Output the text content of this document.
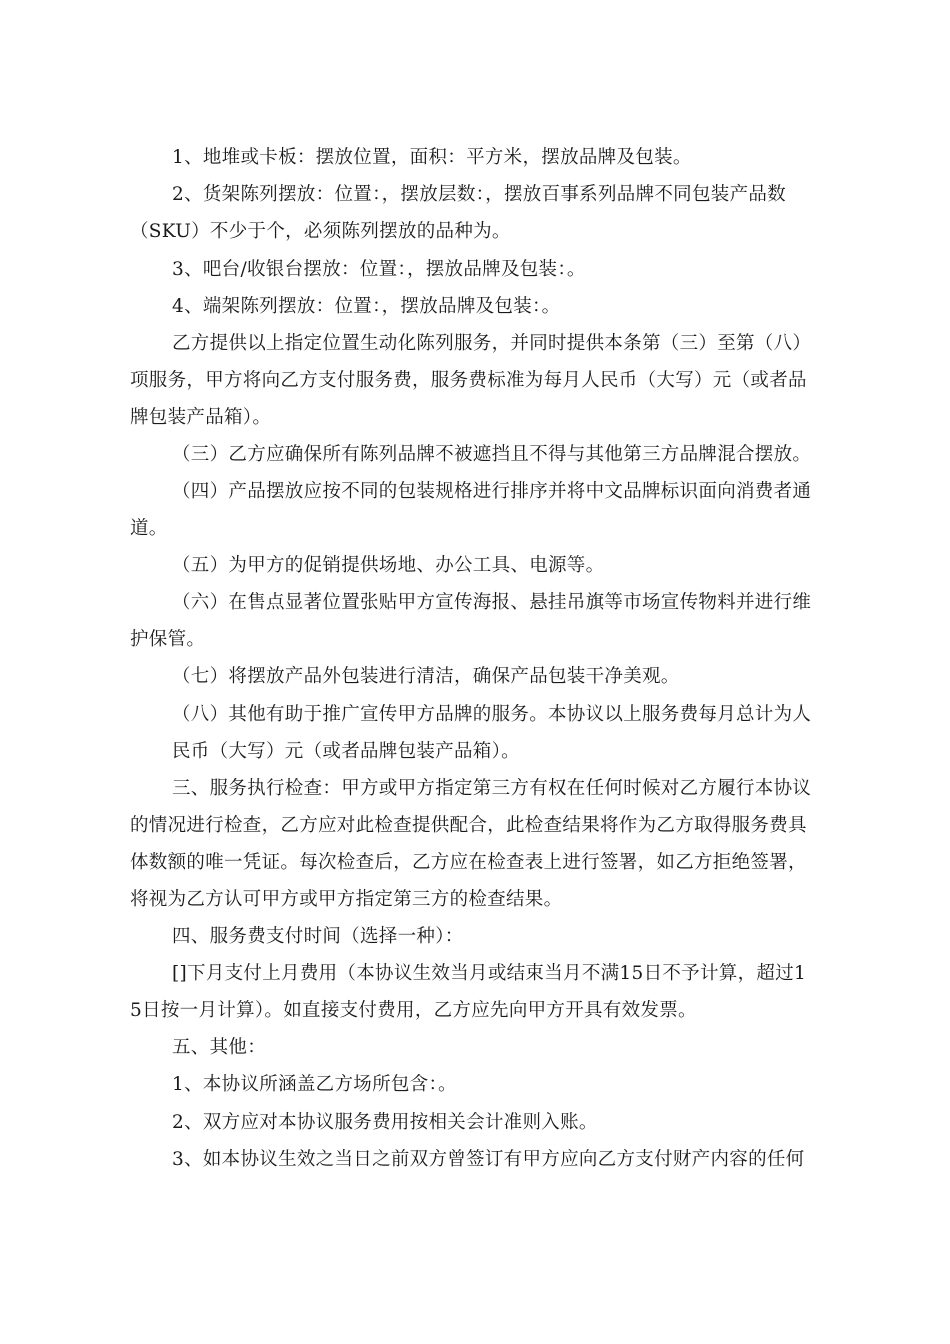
1、地堆或卡板：摆放位置，面积：平方米，摆放品牌及包装。
2、货架陈列摆放：位置：，摆放层数：，摆放百事系列品牌不同包装产品数
（SKU）不少于个，必须陈列摆放的品种为。
3、吧台/收银台摆放：位置：，摆放品牌及包装：。
4、端架陈列摆放：位置：，摆放品牌及包装：。
乙方提供以上指定位置生动化陈列服务，并同时提供本条第（三）至第（八）
项服务，甲方将向乙方支付服务费，服务费标准为每月人民币（大写）元（或者品
牌包装产品箱）。
（三）乙方应确保所有陈列品牌不被遮挡且不得与其他第三方品牌混合摆放。
（四）产品摆放应按不同的包装规格进行排序并将中文品牌标识面向消费者通
道。
（五）为甲方的促销提供场地、办公工具、电源等。
（六）在售点显著位置张贴甲方宣传海报、悬挂吊旗等市场宣传物料并进行维
护保管。
（七）将摆放产品外包装进行清洁，确保产品包装干净美观。
（八）其他有助于推广宣传甲方品牌的服务。本协议以上服务费每月总计为人
民币（大写）元（或者品牌包装产品箱）。
三、服务执行检查：甲方或甲方指定第三方有权在任何时候对乙方履行本协议
的情况进行检查，乙方应对此检查提供配合，此检查结果将作为乙方取得服务费具
体数额的唯一凭证。每次检查后，乙方应在检查表上进行签署，如乙方拒绝签署，
将视为乙方认可甲方或甲方指定第三方的检查结果。
四、服务费支付时间（选择一种）：
[]下月支付上月费用（本协议生效当月或结束当月不满15日不予计算，超过1
5日按一月计算）。如直接支付费用，乙方应先向甲方开具有效发票。
五、其他：
1、本协议所涵盖乙方场所包含：。
2、双方应对本协议服务费用按相关会计准则入账。
3、如本协议生效之当日之前双方曾签订有甲方应向乙方支付财产内容的任何
